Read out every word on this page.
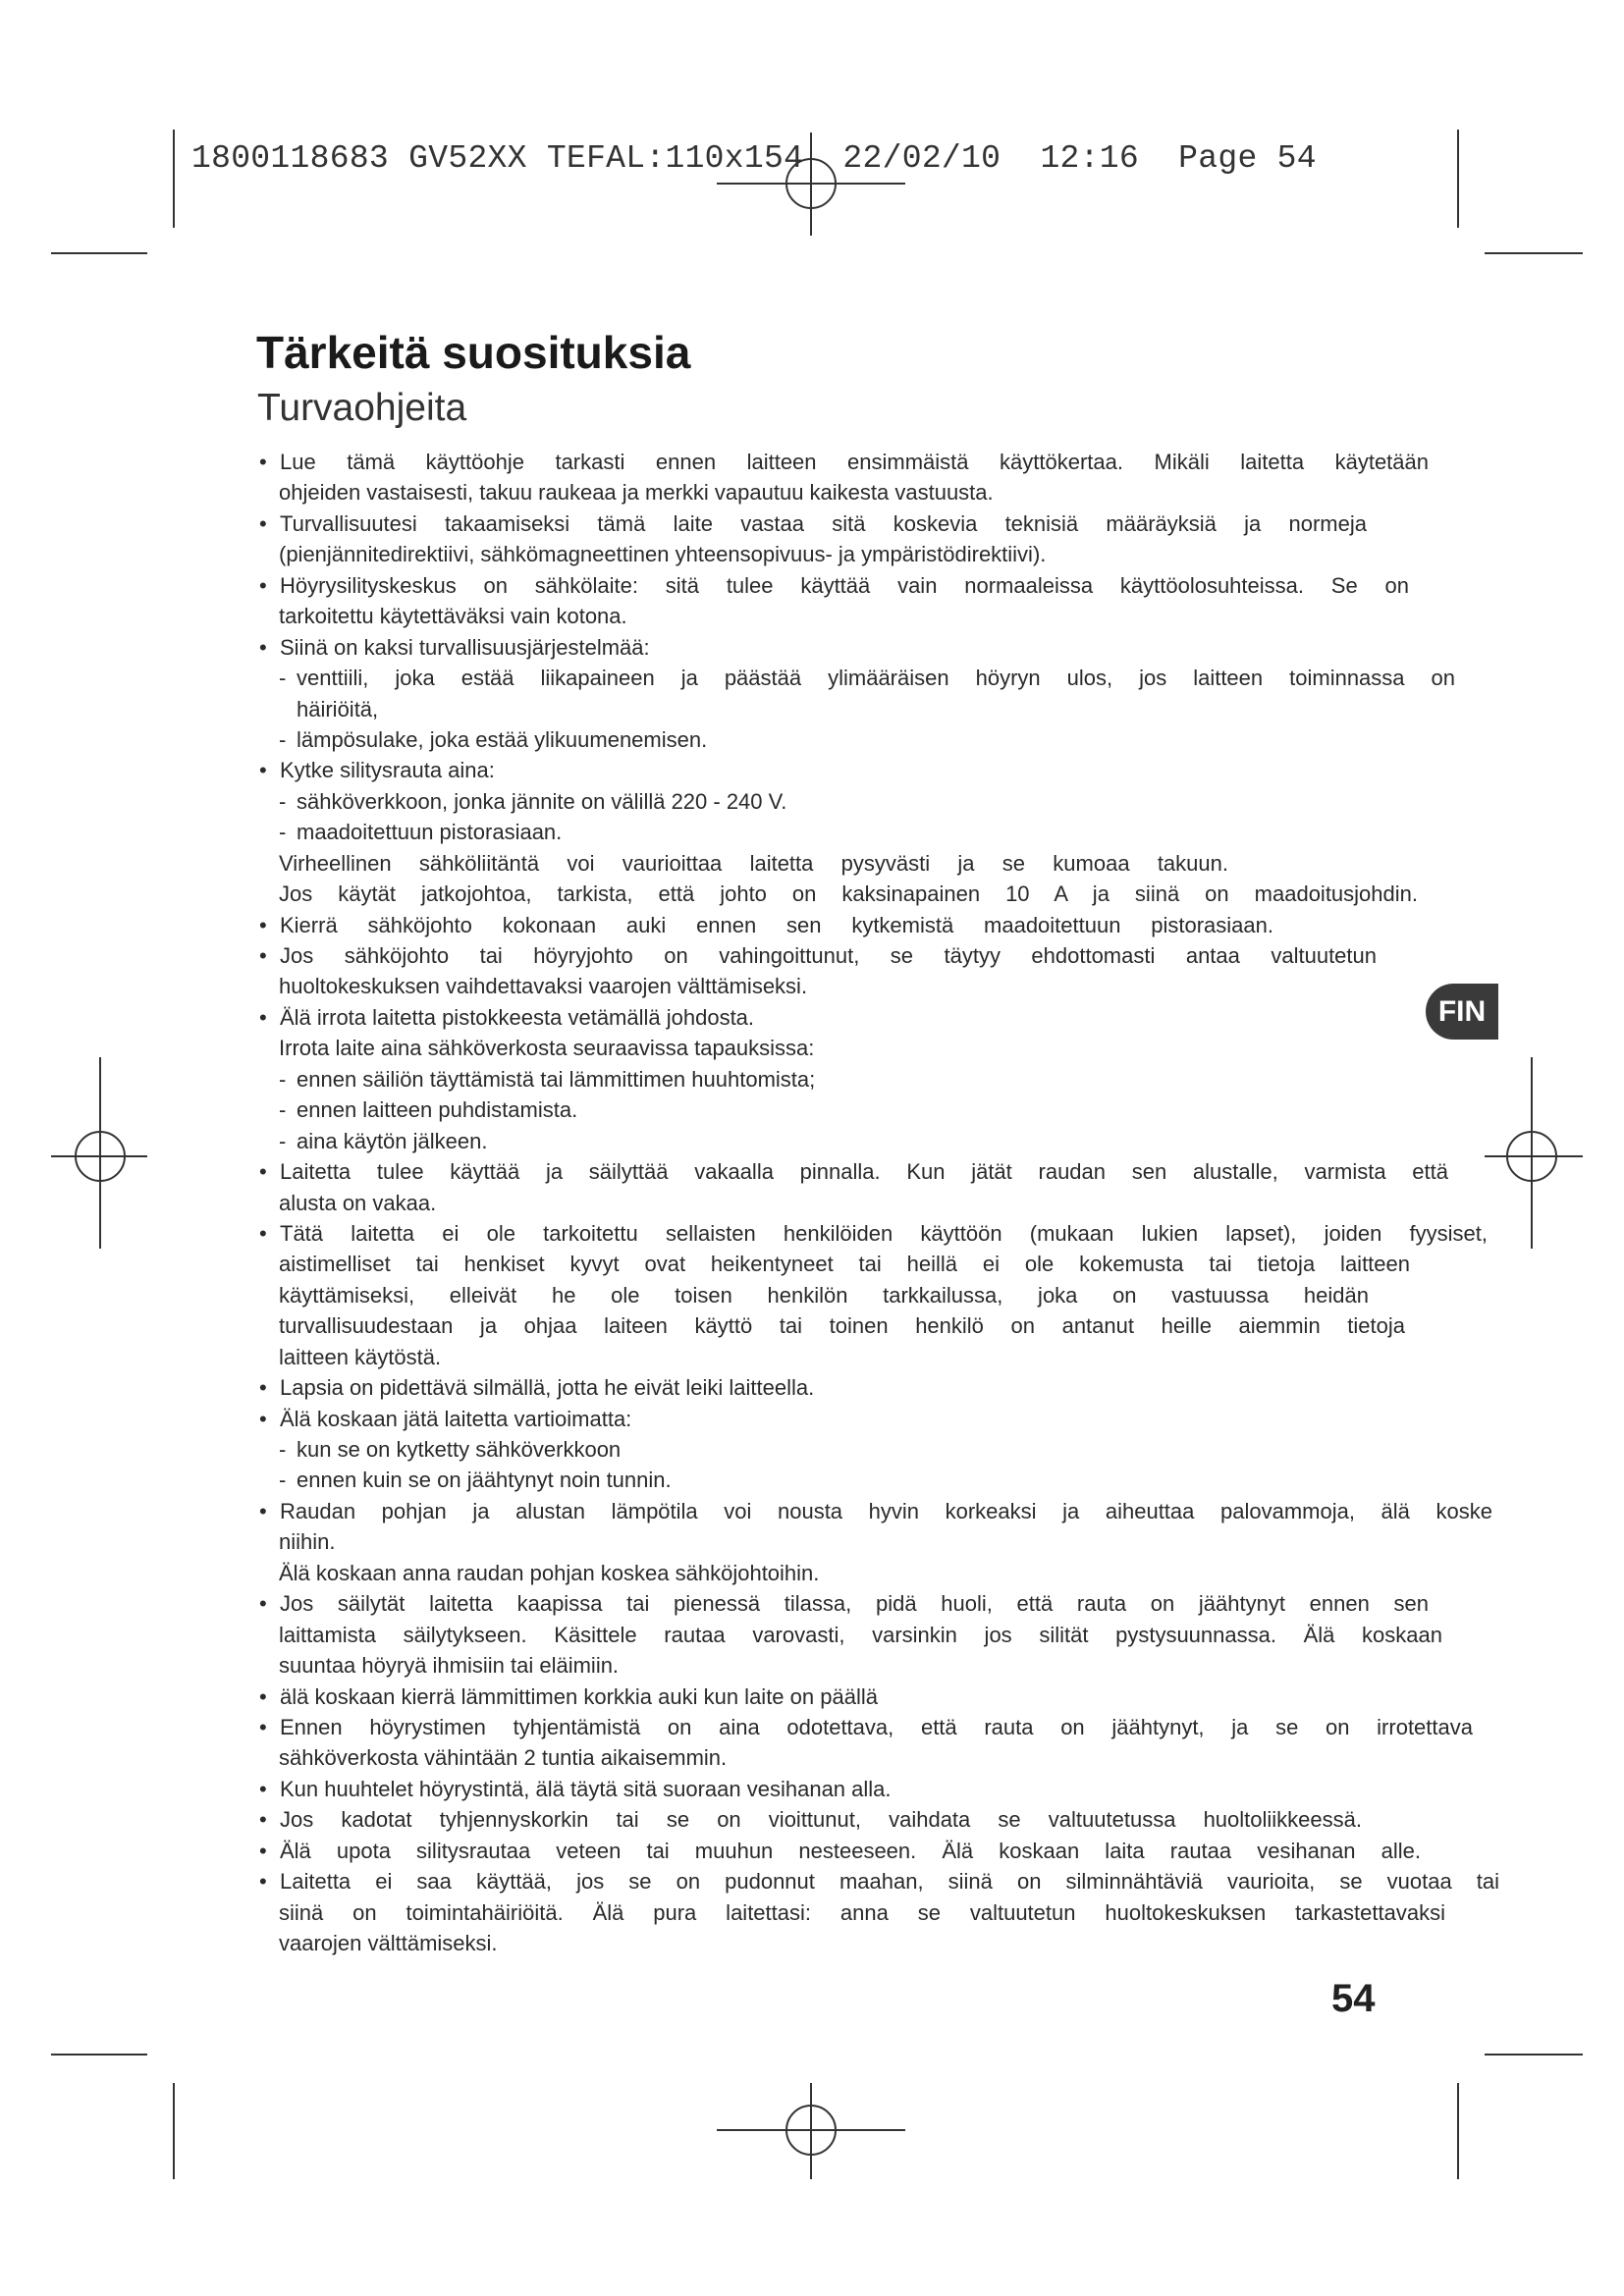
1800118683 GV52XX TEFAL:110x154  22/02/10  12:16  Page 54
Tärkeitä suosituksia
Turvaohjeita
• Lue tämä käyttöohje tarkasti ennen laitteen ensimmäistä käyttökertaa. Mikäli laitetta käytetään
ohjeiden vastaisesti, takuu raukeaa ja merkki vapautuu kaikesta vastuusta.
• Turvallisuutesi takaamiseksi tämä laite vastaa sitä koskevia teknisiä määräyksiä ja normeja
(pienjännitedirektiivi, sähkömagneettinen yhteensopivuus- ja ympäristödirektiivi).
• Höyrysilityskeskus on sähkölaite: sitä tulee käyttää vain normaaleissa käyttöolosuhteissa. Se on
tarkoitettu käytettäväksi vain kotona.
• Siinä on kaksi turvallisuusjärjestelmää:
- venttiili, joka estää liikapaineen ja päästää ylimääräisen höyryn ulos, jos laitteen toiminnassa on
häiriöitä,
- lämpösulake, joka estää ylikuumenemisen.
• Kytke silitysrauta aina:
- sähköverkkoon, jonka jännite on välillä 220 - 240 V.
- maadoitettuun pistorasiaan.
Virheellinen sähköliitäntä voi vaurioittaa laitetta pysyvästi ja se kumoaa takuun.
Jos käytät jatkojohtoa, tarkista, että johto on kaksinapainen 10 A ja siinä on maadoitusjohdin.
• Kierrä sähköjohto kokonaan auki ennen sen kytkemistä maadoitettuun pistorasiaan.
• Jos sähköjohto tai höyryjohto on vahingoittunut, se täytyy ehdottomasti antaa valtuutetun
huoltokeskuksen vaihdettavaksi vaarojen välttämiseksi.
• Älä irrota laitetta pistokkeesta vetämällä johdosta.
Irrota laite aina sähköverkosta seuraavissa tapauksissa:
- ennen säiliön täyttämistä tai lämmittimen huuhtomista;
- ennen laitteen puhdistamista.
- aina käytön jälkeen.
• Laitetta tulee käyttää ja säilyttää vakaalla pinnalla. Kun jätät raudan sen alustalle, varmista että
alusta on vakaa.
• Tätä laitetta ei ole tarkoitettu sellaisten henkilöiden käyttöön (mukaan lukien lapset), joiden fyysiset,
aistimelliset tai henkiset kyvyt ovat heikentyneet tai heillä ei ole kokemusta tai tietoja laitteen
käyttämiseksi, elleivät he ole toisen henkilön tarkkailussa, joka on vastuussa heidän
turvallisuudestaan ja ohjaa laiteen käyttö tai toinen henkilö on antanut heille aiemmin tietoja
laitteen käytöstä.
• Lapsia on pidettävä silmällä, jotta he eivät leiki laitteella.
• Älä koskaan jätä laitetta vartioimatta:
- kun se on kytketty sähköverkkoon
- ennen kuin se on jäähtynyt noin tunnin.
• Raudan pohjan ja alustan lämpötila voi nousta hyvin korkeaksi ja aiheuttaa palovammoja, älä koske
niihin.
Älä koskaan anna raudan pohjan koskea sähköjohtoihin.
• Jos säilytät laitetta kaapissa tai pienessä tilassa, pidä huoli, että rauta on jäähtynyt ennen sen
laittamista säilytykseen. Käsittele rautaa varovasti, varsinkin jos silität pystysuunnassa. Älä koskaan
suuntaa höyryä ihmisiin tai eläimiin.
• älä koskaan kierrä lämmittimen korkkia auki kun laite on päällä
• Ennen höyrystimen tyhjentämistä on aina odotettava, että rauta on jäähtynyt, ja se on irrotettava
sähköverkosta vähintään 2 tuntia aikaisemmin.
• Kun huuhtelet höyrystintä, älä täytä sitä suoraan vesihanan alla.
• Jos kadotat tyhjennyskorkin tai se on vioittunut, vaihdata se valtuutetussa huoltoliikkeessä.
• Älä upota silitysrautaa veteen tai muuhun nesteeseen. Älä koskaan laita rautaa vesihanan alle.
• Laitetta ei saa käyttää, jos se on pudonnut maahan, siinä on silminnähtäviä vaurioita, se vuotaa tai
siinä on toimintahäiriöitä. Älä pura laitettasi: anna se valtuutetun huoltokeskuksen tarkastettavaksi
vaarojen välttämiseksi.
FIN
54
